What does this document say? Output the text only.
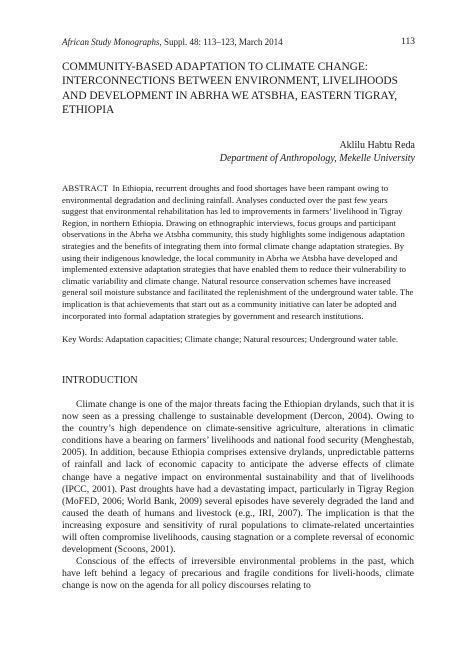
African Study Monographs, Suppl. 48: 113–123, March 2014	113
COMMUNITY-BASED ADAPTATION TO CLIMATE CHANGE: INTERCONNECTIONS BETWEEN ENVIRONMENT, LIVELIHOODS AND DEVELOPMENT IN ABRHA WE ATSBHA, EASTERN TIGRAY, ETHIOPIA
Aklilu Habtu Reda
Department of Anthropology, Mekelle University

ABSTRACT In Ethiopia, recurrent droughts and food shortages have been rampant owing to environmental degradation and declining rainfall. Analyses conducted over the past few years suggest that environmental rehabilitation has led to improvements in farmers’ livelihood in Tigray Region, in northern Ethiopia. Drawing on ethnographic interviews, focus groups and participant observations in the Abrha we Atsbha community, this study highlights some indigenous adaptation strategies and the benefits of integrating them into formal climate change adaptation strategies. By using their indigenous knowledge, the local community in Abrha we Atsbha have developed and implemented extensive adaptation strategies that have enabled them to reduce their vulnerability to climatic variability and climate change. Natural resource conservation schemes have increased general soil moisture substance and facilitated the replenishment of the underground water table. The implication is that achievements that start out as a community initiative can later be adopted and incorporated into formal adaptation strategies by government and research institutions.

Key Words: Adaptation capacities; Climate change; Natural resources; Underground water table.
INTRODUCTION

Climate change is one of the major threats facing the Ethiopian drylands, such that it is now seen as a pressing challenge to sustainable development (Dercon, 2004). Owing to the country’s high dependence on climate-sensitive agriculture, alterations in climatic conditions have a bearing on farmers’ livelihoods and national food security (Menghestab, 2005). In addition, because Ethiopia comprises extensive drylands, unpredictable patterns of rainfall and lack of economic capacity to anticipate the adverse effects of climate change have a negative impact on environmental sustainability and that of livelihoods (IPCC, 2001). Past droughts have had a devastating impact, particularly in Tigray Region (MoFED, 2006; World Bank, 2009) several episodes have severely degraded the land and caused the death of humans and livestock (e.g., IRI, 2007). The implication is that the increasing exposure and sensitivity of rural populations to climate-related uncertainties will often compromise livelihoods, causing stagnation or a complete reversal of economic development (Scoons, 2001).

Conscious of the effects of irreversible environmental problems in the past, which have left behind a legacy of precarious and fragile conditions for liveli-hoods, climate change is now on the agenda for all policy discourses relating to
